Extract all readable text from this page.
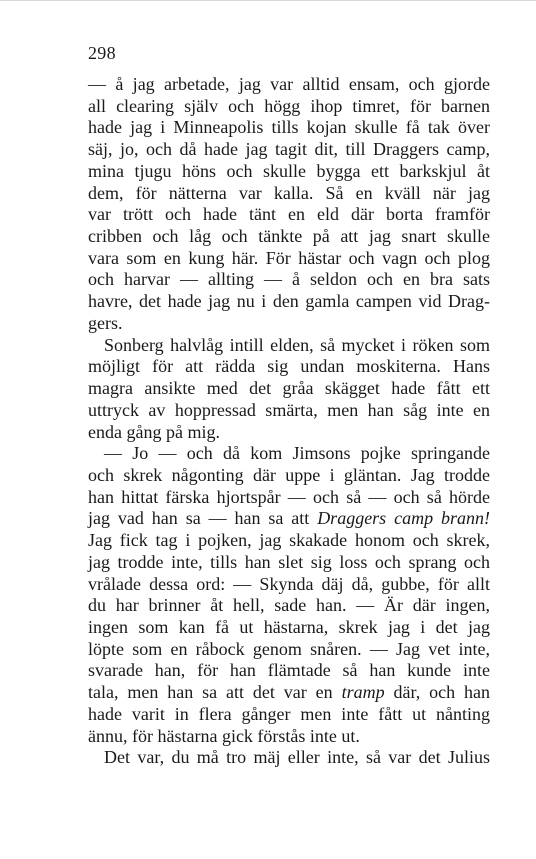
298
— å jag arbetade, jag var alltid ensam, och gjorde
all clearing själv och högg ihop timret, för barnen
hade jag i Minneapolis tills kojan skulle få tak över
säj, jo, och då hade jag tagit dit, till Draggers camp,
mina tjugu höns och skulle bygga ett barkskjul åt
dem, för nätterna var kalla. Så en kväll när jag
var trött och hade tänt en eld där borta framför
cribben och låg och tänkte på att jag snart skulle
vara som en kung här. För hästar och vagn och plog
och harvar — allting — å seldon och en bra sats
havre, det hade jag nu i den gamla campen vid Drag-
gers.
Sonberg halvlåg intill elden, så mycket i röken som
möjligt för att rädda sig undan moskiterna. Hans
magra ansikte med det gråa skägget hade fått ett
uttryck av hoppressad smärta, men han såg inte en
enda gång på mig.
— Jo — och då kom Jimsons pojke springande
och skrek någonting där uppe i gläntan. Jag trodde
han hittat färska hjortspår — och så — och så hörde
jag vad han sa — han sa att Draggers camp brann!
Jag fick tag i pojken, jag skakade honom och skrek,
jag trodde inte, tills han slet sig loss och sprang och
vrålade dessa ord: — Skynda däj då, gubbe, för allt
du har brinner åt hell, sade han. — Är där ingen,
ingen som kan få ut hästarna, skrek jag i det jag
löpte som en råbock genom snåren. — Jag vet inte,
svarade han, för han flämtade så han kunde inte
tala, men han sa att det var en tramp där, och han
hade varit in flera gånger men inte fått ut nånting
ännu, för hästarna gick förstås inte ut.
Det var, du må tro mäj eller inte, så var det Julius
